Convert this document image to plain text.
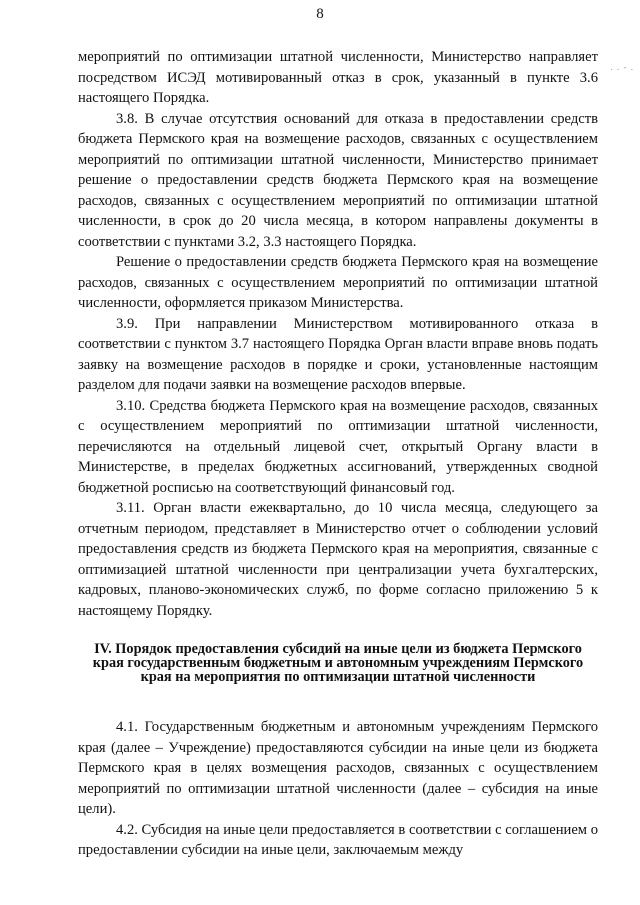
8
. . - .

мероприятий по оптимизации штатной численности, Министерство направляет посредством ИСЭД мотивированный отказ в срок, указанный в пункте 3.6 настоящего Порядка.

3.8. В случае отсутствия оснований для отказа в предоставлении средств бюджета Пермского края на возмещение расходов, связанных с осуществлением мероприятий по оптимизации штатной численности, Министерство принимает решение о предоставлении средств бюджета Пермского края на возмещение расходов, связанных с осуществлением мероприятий по оптимизации штатной численности, в срок до 20 числа месяца, в котором направлены документы в соответствии с пунктами 3.2, 3.3 настоящего Порядка.

Решение о предоставлении средств бюджета Пермского края на возмещение расходов, связанных с осуществлением мероприятий по оптимизации штатной численности, оформляется приказом Министерства.

3.9. При направлении Министерством мотивированного отказа в соответствии с пунктом 3.7 настоящего Порядка Орган власти вправе вновь подать заявку на возмещение расходов в порядке и сроки, установленные настоящим разделом для подачи заявки на возмещение расходов впервые.

3.10. Средства бюджета Пермского края на возмещение расходов, связанных с осуществлением мероприятий по оптимизации штатной численности, перечисляются на отдельный лицевой счет, открытый Органу власти в Министерстве, в пределах бюджетных ассигнований, утвержденных сводной бюджетной росписью на соответствующий финансовый год.

3.11. Орган власти ежеквартально, до 10 числа месяца, следующего за отчетным периодом, представляет в Министерство отчет о соблюдении условий предоставления средств из бюджета Пермского края на мероприятия, связанные с оптимизацией штатной численности при централизации учета бухгалтерских, кадровых, планово-экономических служб, по форме согласно приложению 5 к настоящему Порядку.

IV. Порядок предоставления субсидий на иные цели из бюджета Пермского края государственным бюджетным и автономным учреждениям Пермского края на мероприятия по оптимизации штатной численности

4.1. Государственным бюджетным и автономным учреждениям Пермского края (далее – Учреждение) предоставляются субсидии на иные цели из бюджета Пермского края в целях возмещения расходов, связанных с осуществлением мероприятий по оптимизации штатной численности (далее – субсидия на иные цели).

4.2. Субсидия на иные цели предоставляется в соответствии с соглашением о предоставлении субсидии на иные цели, заключаемым между
